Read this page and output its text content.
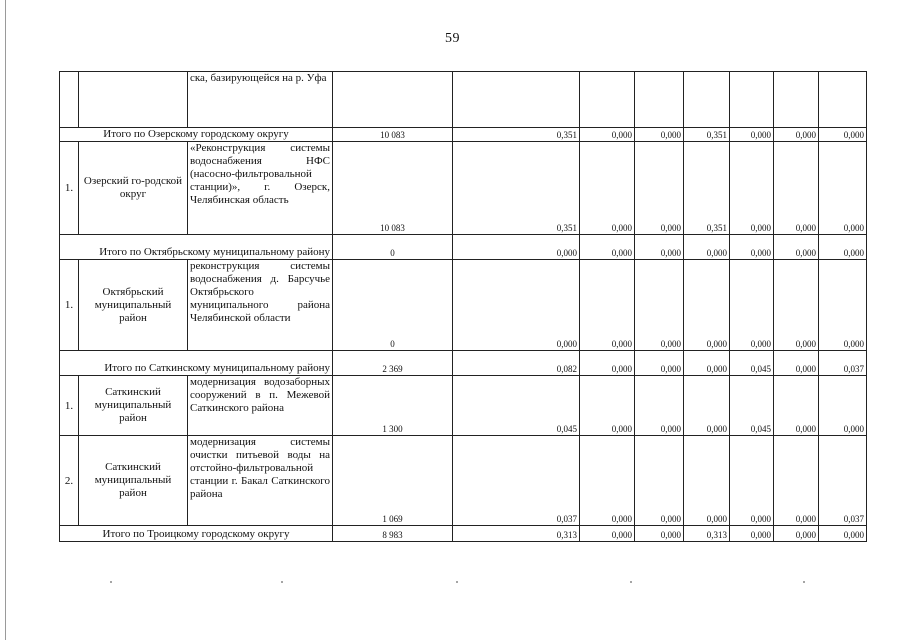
59
		ска, базирующейся на р. Уфа								
Итого по Озерскому городскому округу			10 083	0,351	0,000	0,000	0,351	0,000	0,000	0,000
1.	Озерский го-родской округ	«Реконструкция системы водоснабжения НФС (насосно-фильтровальной станции)», г. Озерск, Челябинская область	10 083	0,351	0,000	0,000	0,351	0,000	0,000	0,000
Итого по Октябрьскому муниципальному району			0	0,000	0,000	0,000	0,000	0,000	0,000	0,000
1.	Октябрьский муниципальный район	реконструкция системы водоснабжения д. Барсучье Октябрьского муниципального района Челябинской области	0	0,000	0,000	0,000	0,000	0,000	0,000	0,000
Итого по Саткинскому муниципальному району			2 369	0,082	0,000	0,000	0,000	0,045	0,000	0,037
1.	Саткинский муниципальный район	модернизация водозаборных сооружений в п. Межевой Саткинского района	1 300	0,045	0,000	0,000	0,000	0,045	0,000	0,000
2.	Саткинский муниципальный район	модернизация системы очистки питьевой воды на отстойно-фильтровальной станции г. Бакал Саткинского района	1 069	0,037	0,000	0,000	0,000	0,000	0,000	0,037
Итого по Троицкому городскому округу			8 983	0,313	0,000	0,000	0,313	0,000	0,000	0,000
